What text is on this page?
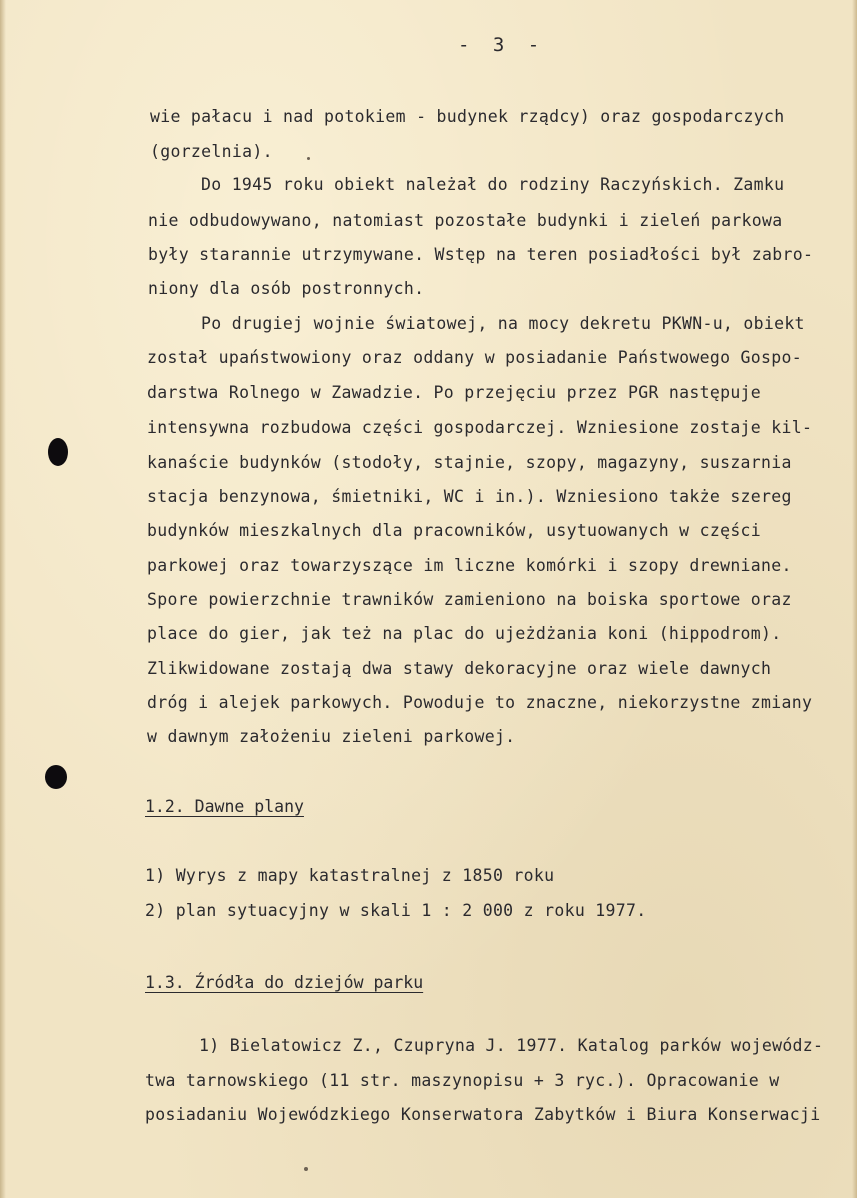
- 3 -
wie pałacu i nad potokiem - budynek rządcy) oraz gospodarczych
(gorzelnia).
Do 1945 roku obiekt należał do rodziny Raczyńskich. Zamku
nie odbudowywano, natomiast pozostałe budynki i zieleń parkowa
były starannie utrzymywane. Wstęp na teren posiadłości był zabro-
niony dla osób postronnych.
Po drugiej wojnie światowej, na mocy dekretu PKWN-u, obiekt
został upaństwowiony oraz oddany w posiadanie Państwowego Gospo-
darstwa Rolnego w Zawadzie. Po przejęciu przez PGR następuje
intensywna rozbudowa części gospodarczej. Wzniesione zostaje kil-
kanaście budynków (stodoły, stajnie, szopy, magazyny, suszarnia
stacja benzynowa, śmietniki, WC i in.). Wzniesiono także szereg
budynków mieszkalnych dla pracowników, usytuowanych w części
parkowej oraz towarzyszące im liczne komórki i szopy drewniane.
Spore powierzchnie trawników zamieniono na boiska sportowe oraz
place do gier, jak też na plac do ujeżdżania koni (hippodrom).
Zlikwidowane zostają dwa stawy dekoracyjne oraz wiele dawnych
dróg i alejek parkowych. Powoduje to znaczne, niekorzystne zmiany
w dawnym założeniu zieleni parkowej.
1.2. Dawne plany
1) Wyrys z mapy katastralnej z 1850 roku
2) plan sytuacyjny w skali 1 : 2 000 z roku 1977.
1.3. Źródła do dziejów parku
1) Bielatowicz Z., Czupryna J. 1977. Katalog parków wojewódz-
twa tarnowskiego (11 str. maszynopisu + 3 ryc.). Opracowanie w
posiadaniu Wojewódzkiego Konserwatora Zabytków i Biura Konserwacji
